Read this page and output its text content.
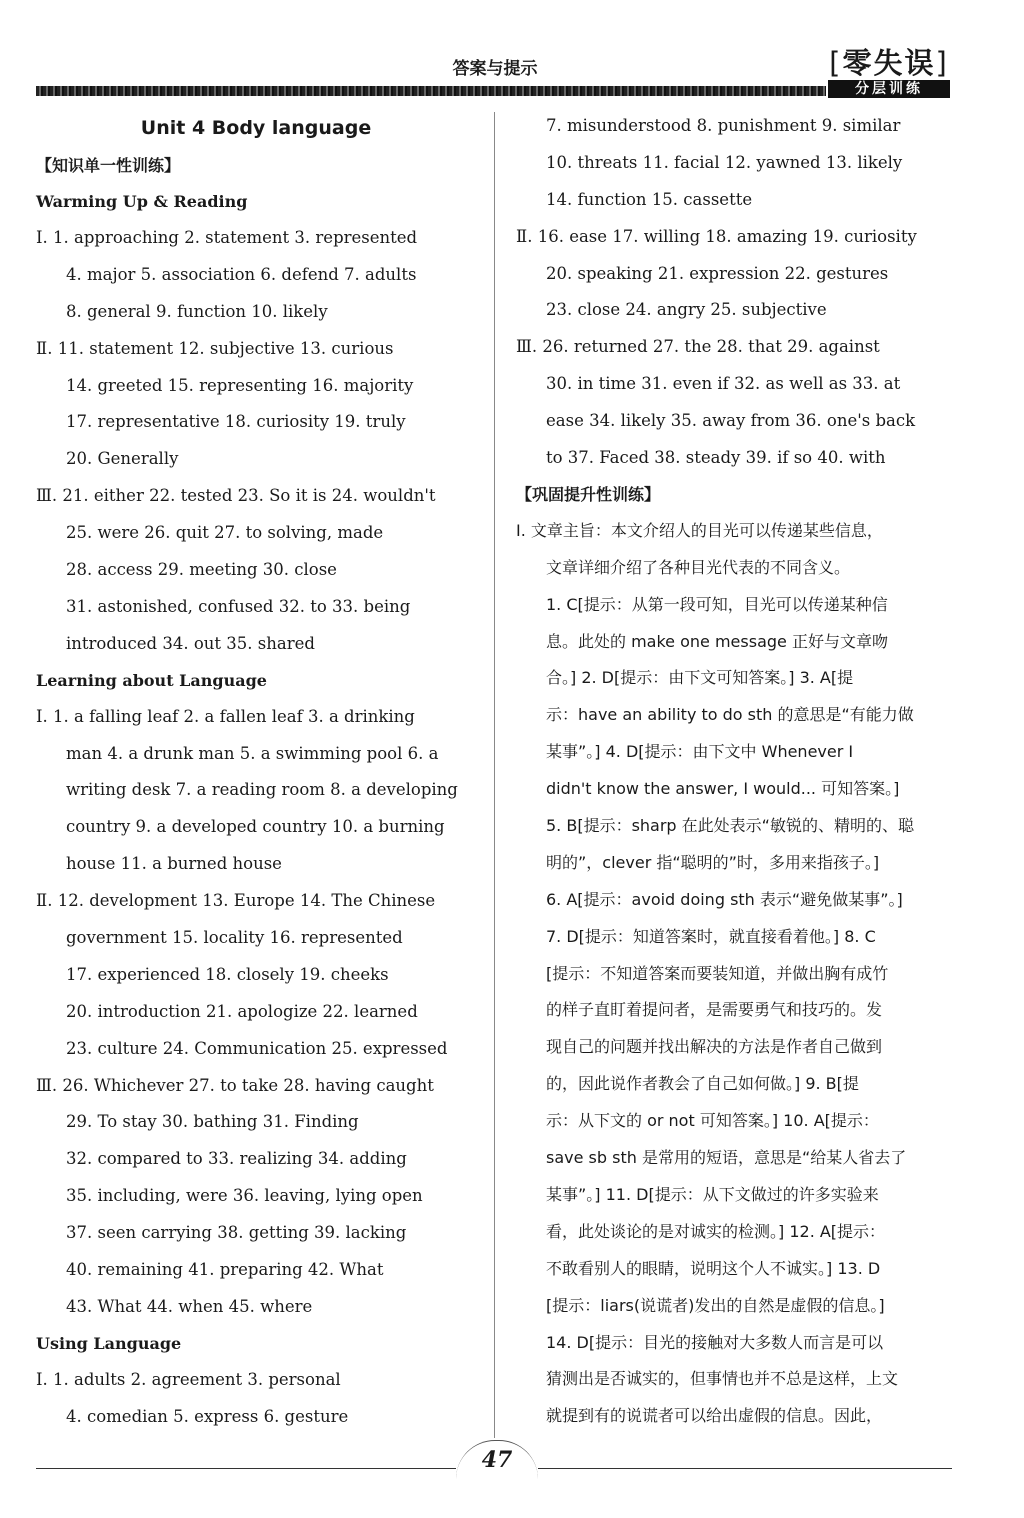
答案与提示
[	零失误 ]
分层训练
Unit 4 Body language
【知识单一性训练】
Warming Up & Reading
Ⅰ. 1. approaching 2. statement 3. represented
4. major 5. association 6. defend 7. adults
8. general 9. function 10. likely
Ⅱ. 11. statement 12. subjective 13. curious
14. greeted 15. representing 16. majority
17. representative 18. curiosity 19. truly
20. Generally
Ⅲ. 21. either 22. tested 23. So it is 24. wouldn't
25. were 26. quit 27. to solving, made
28. access 29. meeting 30. close
31. astonished, confused 32. to 33. being
introduced 34. out 35. shared
Learning about Language
Ⅰ. 1. a falling leaf 2. a fallen leaf 3. a drinking
man 4. a drunk man 5. a swimming pool 6. a
writing desk 7. a reading room 8. a developing
country 9. a developed country 10. a burning
house 11. a burned house
Ⅱ. 12. development 13. Europe 14. The Chinese
government 15. locality 16. represented
17. experienced 18. closely 19. cheeks
20. introduction 21. apologize 22. learned
23. culture 24. Communication 25. expressed
Ⅲ. 26. Whichever 27. to take 28. having caught
29. To stay 30. bathing 31. Finding
32. compared to 33. realizing 34. adding
35. including, were 36. leaving, lying open
37. seen carrying 38. getting 39. lacking
40. remaining 41. preparing 42. What
43. What 44. when 45. where
Using Language
Ⅰ. 1. adults 2. agreement 3. personal
4. comedian 5. express 6. gesture
7. misunderstood 8. punishment 9. similar
10. threats 11. facial 12. yawned 13. likely
14. function 15. cassette
Ⅱ. 16. ease 17. willing 18. amazing 19. curiosity
20. speaking 21. expression 22. gestures
23. close 24. angry 25. subjective
Ⅲ. 26. returned 27. the 28. that 29. against
30. in time 31. even if 32. as well as 33. at
ease 34. likely 35. away from 36. one's back
to 37. Faced 38. steady 39. if so 40. with
【巩固提升性训练】
Ⅰ. 文章主旨：本文介绍人的目光可以传递某些信息，
文章详细介绍了各种目光代表的不同含义。
1. C[提示：从第一段可知，目光可以传递某种信
息。此处的 make one message 正好与文章吻
合。] 2. D[提示：由下文可知答案。] 3. A[提
示：have an ability to do sth 的意思是“有能力做
某事”。] 4. D[提示：由下文中 Whenever I
didn't know the answer, I would... 可知答案。]
5. B[提示：sharp 在此处表示“敏锐的、精明的、聪
明的”，clever 指“聪明的”时，多用来指孩子。]
6. A[提示：avoid doing sth 表示“避免做某事”。]
7. D[提示：知道答案时，就直接看着他。] 8. C
[提示：不知道答案而要装知道，并做出胸有成竹
的样子直盯着提问者，是需要勇气和技巧的。发
现自己的问题并找出解决的方法是作者自己做到
的，因此说作者教会了自己如何做。] 9. B[提
示：从下文的 or not 可知答案。] 10. A[提示：
save sb sth 是常用的短语，意思是“给某人省去了
某事”。] 11. D[提示：从下文做过的许多实验来
看，此处谈论的是对诚实的检测。] 12. A[提示：
不敢看别人的眼睛，说明这个人不诚实。] 13. D
[提示：liars(说谎者)发出的自然是虚假的信息。]
14. D[提示：目光的接触对大多数人而言是可以
猜测出是否诚实的，但事情也并不总是这样，上文
就提到有的说谎者可以给出虚假的信息。因此，
47
